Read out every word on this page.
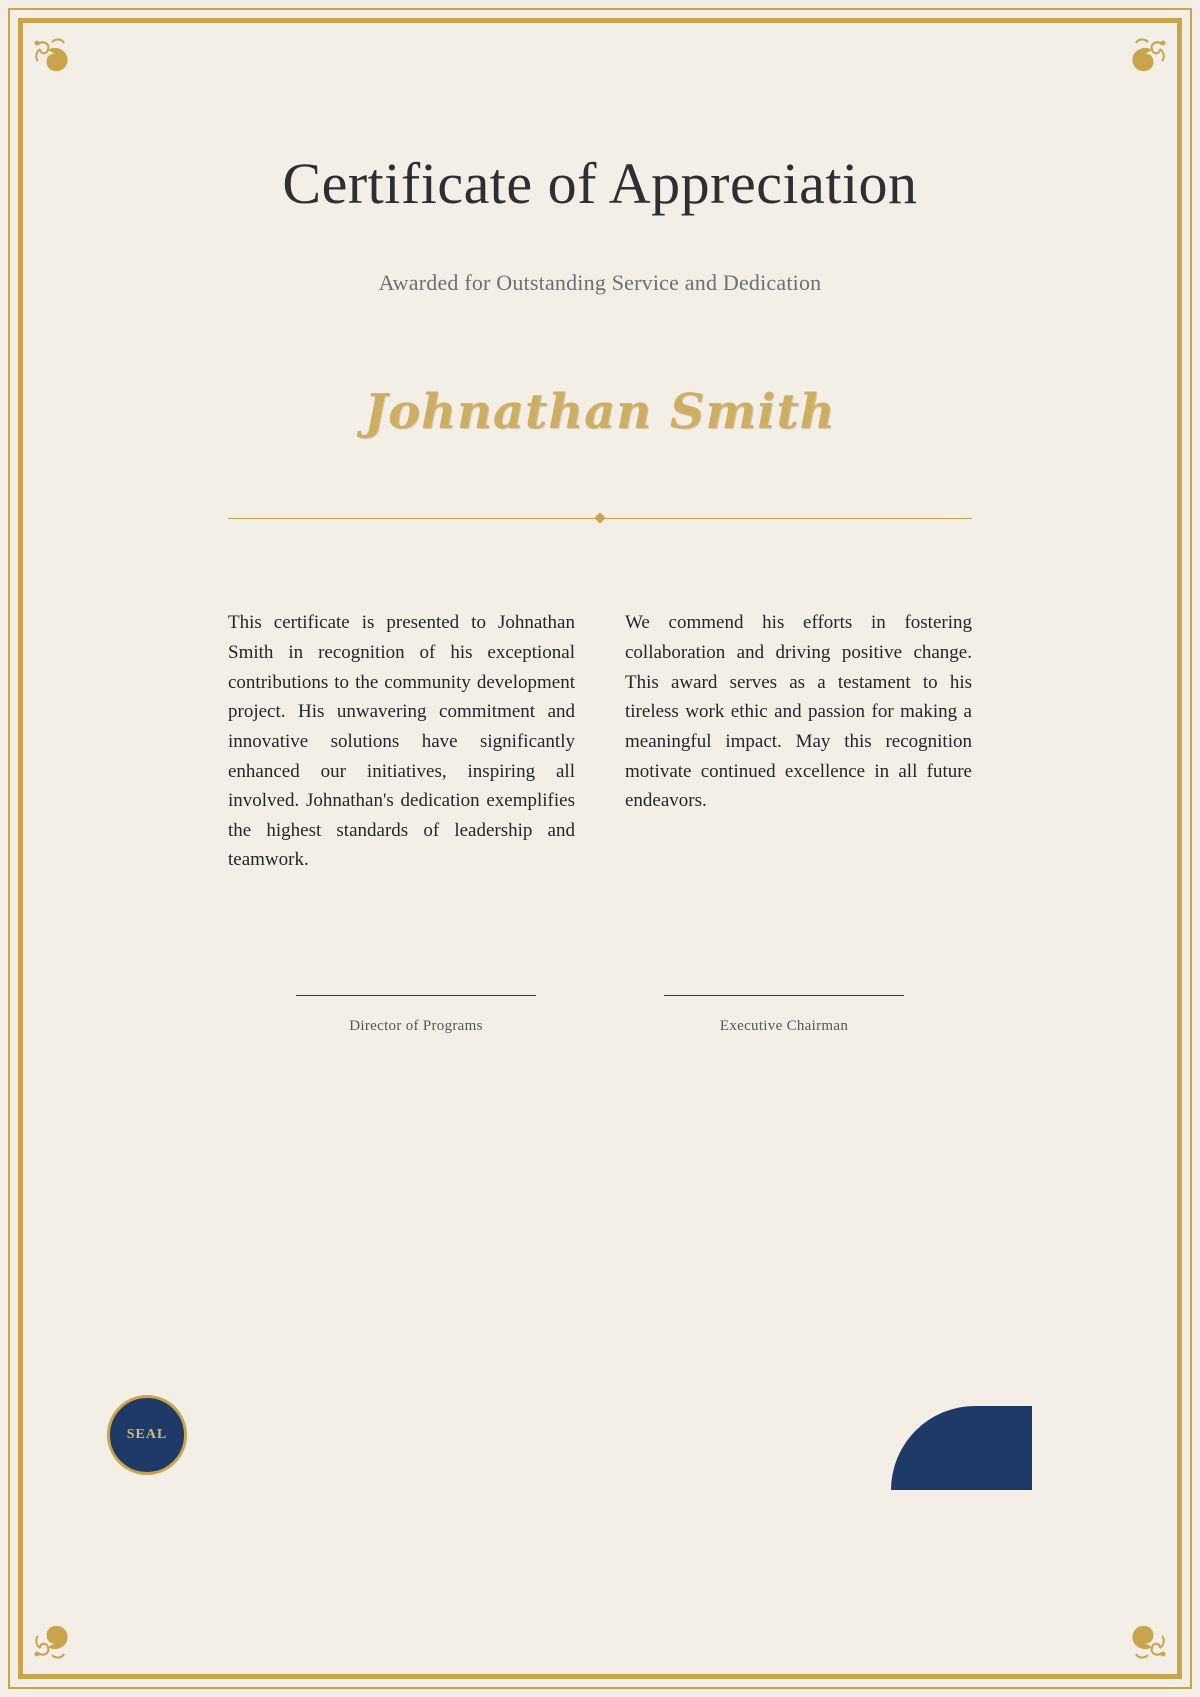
Certificate of Appreciation
Awarded for Outstanding Service and Dedication
Johnathan Smith
This certificate is presented to Johnathan Smith in recognition of his exceptional contributions to the community development project. His unwavering commitment and innovative solutions have significantly enhanced our initiatives, inspiring all involved. Johnathan's dedication exemplifies the highest standards of leadership and teamwork.
We commend his efforts in fostering collaboration and driving positive change. This award serves as a testament to his tireless work ethic and passion for making a meaningful impact. May this recognition motivate continued excellence in all future endeavors.
Director of Programs	Executive Chairman
SEAL
